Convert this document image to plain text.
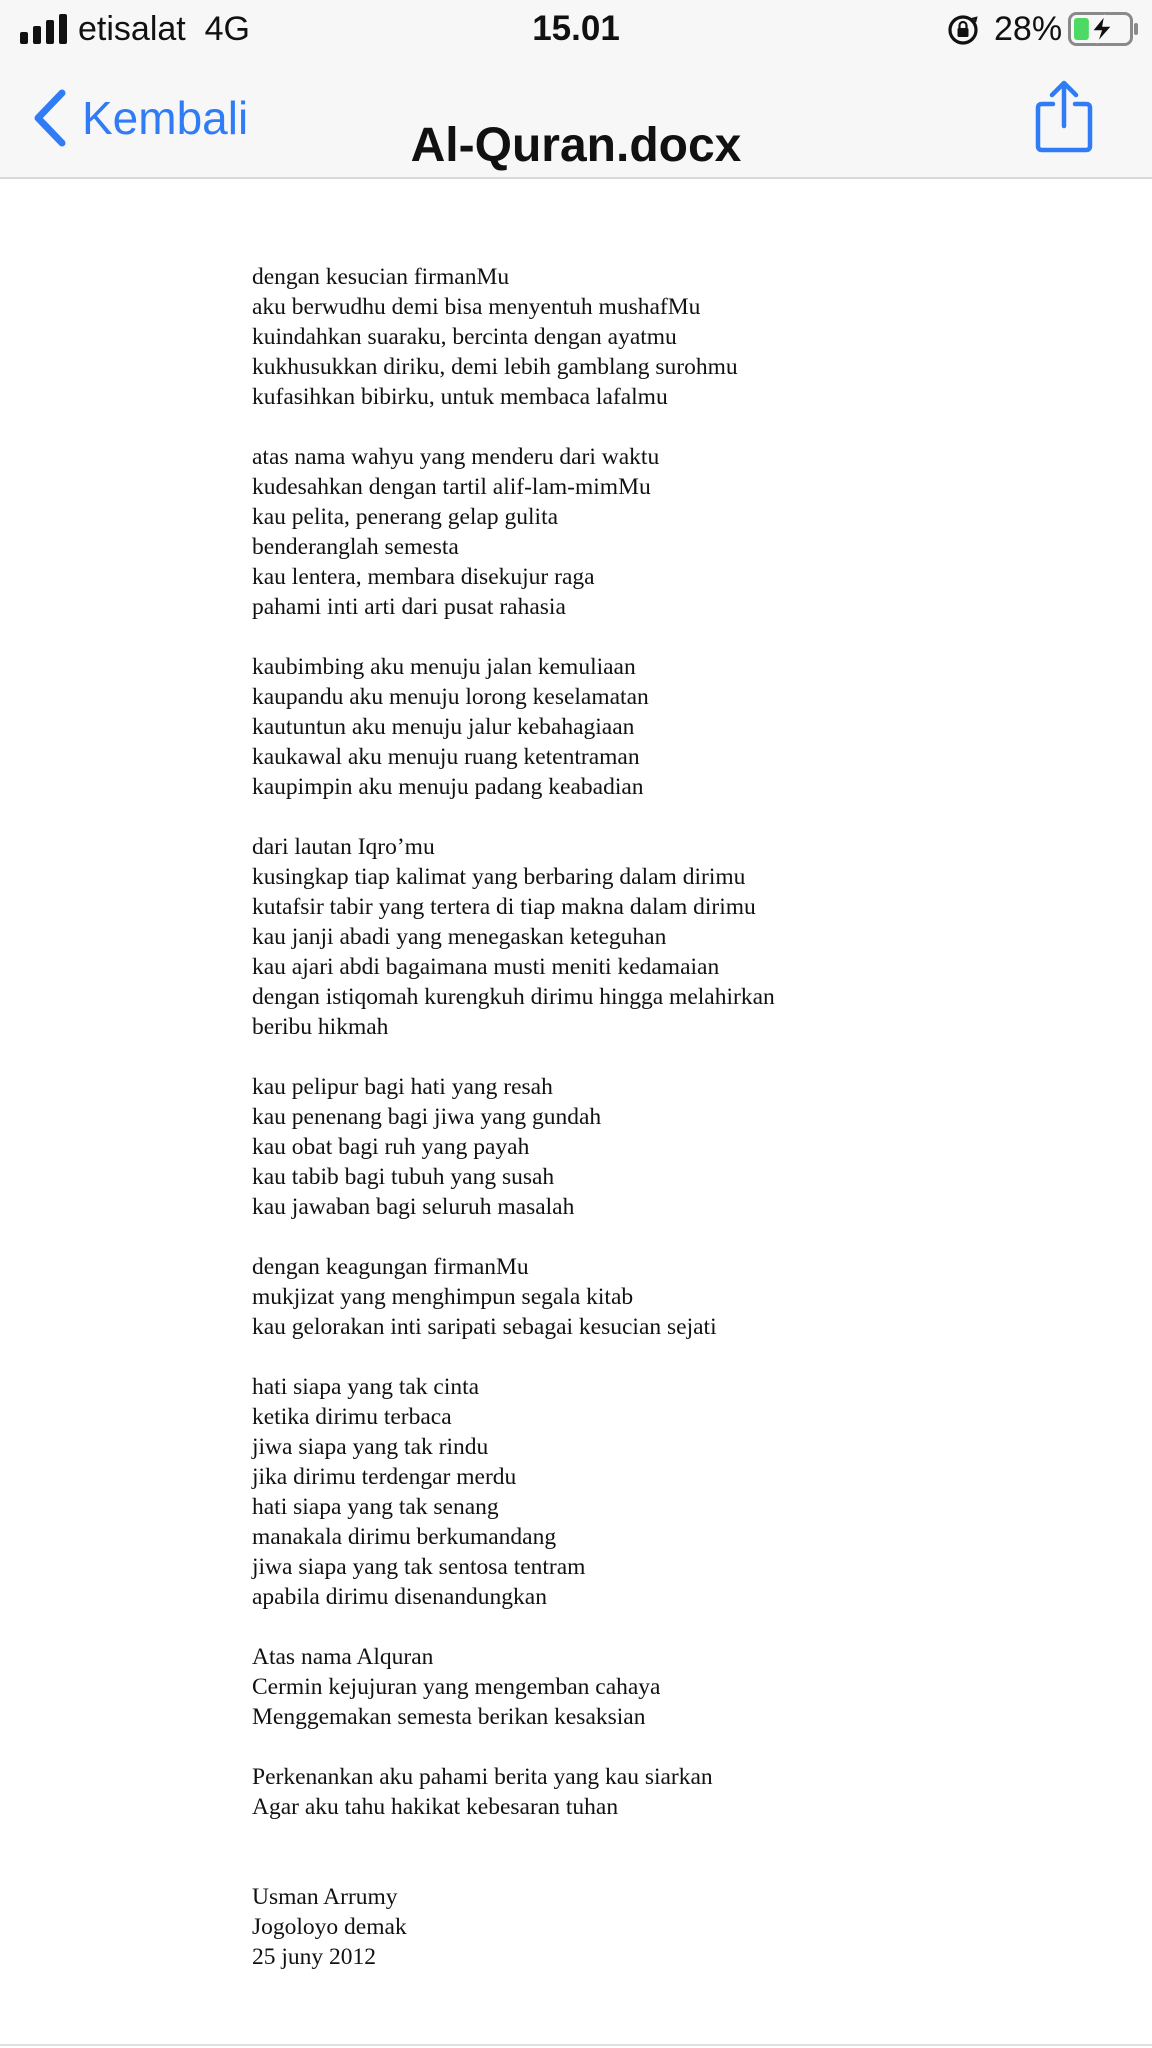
etisalat 4G	15.01	28%
Kembali
Al-Quran.docx
dengan kesucian firmanMu
aku berwudhu demi bisa menyentuh mushafMu
kuindahkan suaraku, bercinta dengan ayatmu
kukhusukkan diriku, demi lebih gamblang surohmu
kufasihkan bibirku, untuk membaca lafalmu
atas nama wahyu yang menderu dari waktu
kudesahkan dengan tartil alif-lam-mimMu
kau pelita, penerang gelap gulita
benderanglah semesta
kau lentera, membara disekujur raga
pahami inti arti dari pusat rahasia
kaubimbing aku menuju jalan kemuliaan
kaupandu aku menuju lorong keselamatan
kautuntun aku menuju jalur kebahagiaan
kaukawal aku menuju ruang ketentraman
kaupimpin aku menuju padang keabadian
dari lautan Iqro’mu
kusingkap tiap kalimat yang berbaring dalam dirimu
kutafsir tabir yang tertera di tiap makna dalam dirimu
kau janji abadi yang menegaskan keteguhan
kau ajari abdi bagaimana musti meniti kedamaian
dengan istiqomah kurengkuh dirimu hingga melahirkan
beribu hikmah
kau pelipur bagi hati yang resah
kau penenang bagi jiwa yang gundah
kau obat bagi ruh yang payah
kau tabib bagi tubuh yang susah
kau jawaban bagi seluruh masalah
dengan keagungan firmanMu
mukjizat yang menghimpun segala kitab
kau gelorakan inti saripati sebagai kesucian sejati
hati siapa yang tak cinta
ketika dirimu terbaca
jiwa siapa yang tak rindu
jika dirimu terdengar merdu
hati siapa yang tak senang
manakala dirimu berkumandang
jiwa siapa yang tak sentosa tentram
apabila dirimu disenandungkan
Atas nama Alquran
Cermin kejujuran yang mengemban cahaya
Menggemakan semesta berikan kesaksian
Perkenankan aku pahami berita yang kau siarkan
Agar aku tahu hakikat kebesaran tuhan
Usman Arrumy
Jogoloyo demak
25 juny 2012
